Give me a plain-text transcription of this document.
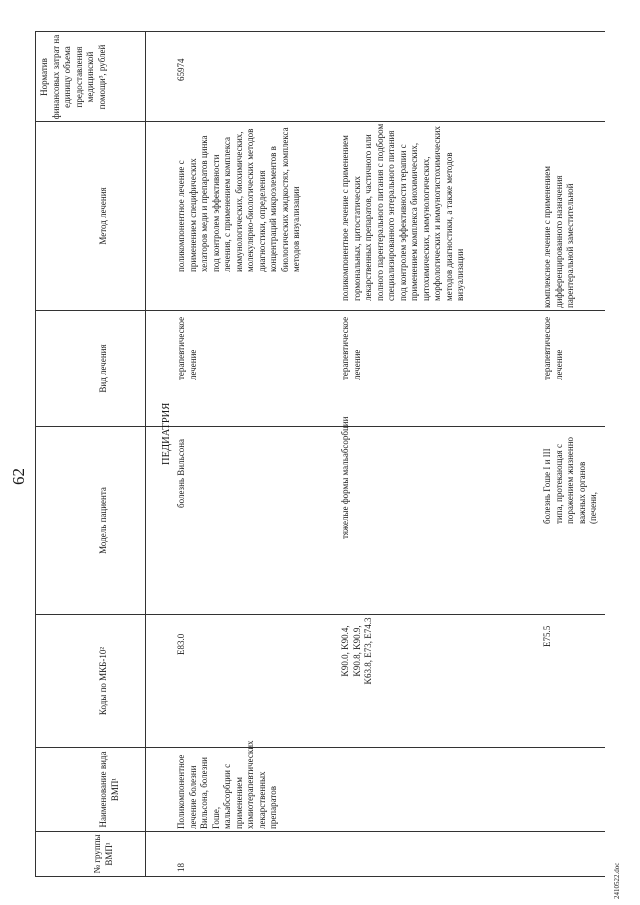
62
№ группы ВМП¹
Наименование вида ВМП¹
Коды по МКБ-10²
Модель пациента
Вид лечения
Метод лечения
Норматив финансовых затрат на единицу объема предоставления медицинской помощи³, рублей
ПЕДИАТРИЯ
18
Поликомпонентное лечение болезни Вильсона, болезни Гоше, мальабсорбции с применением химиотерапевтических лекарственных препаратов
E83.0
болезнь Вильсона
терапевтическое лечение
поликомпонентное лечение с применением специфических хелаторов меди и препаратов цинка под контролем эффективности лечения, с применением комплекса иммунологических, биохимических, молекулярно-биологических методов диагностики, определения концентраций микроэлементов в биологических жидкостях, комплекса методов визуализации
65974
K90.0, K90.4, K90.8, K90.9, K63.8, E73, E74.3
тяжелые формы мальабсорбции
терапевтическое лечение
поликомпонентное лечение с применением гормональных, цитостатических лекарственных препаратов, частичного или полного парентерального питания с подбором специализированного энтерального питания под контролем эффективности терапии с применением комплекса биохимических, цитохимических, иммунологических, морфологических и иммуногистохимических методов диагностики, а также методов визуализации
E75.5
болезнь Гоше I и III типа, протекающая с поражением жизненно важных органов (печени,
терапевтическое лечение
комплексное лечение с применением дифференцированного назначения парентеральной заместительной
2410522.doc
